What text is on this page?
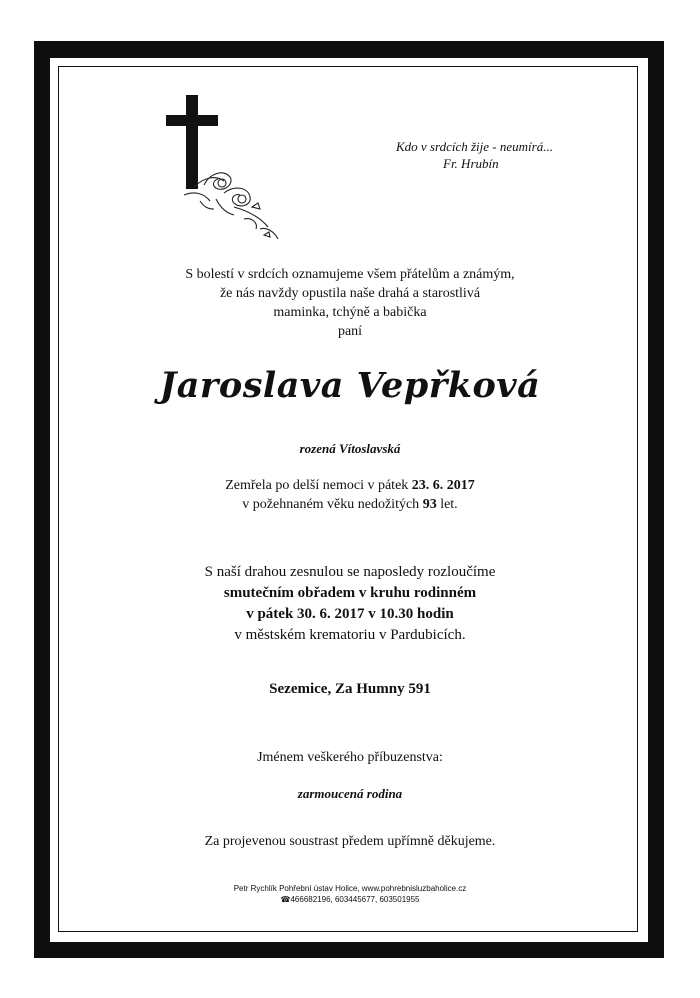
Kdo v srdcích žije - neumírá...
Fr. Hrubín
S bolestí v srdcích oznamujeme všem přátelům a známým,
že nás navždy opustila naše drahá a starostlivá
maminka, tchýně a babička
paní
Jaroslava Vepřková
rozená Vítoslavská
Zemřela po delší nemoci v pátek 23. 6. 2017
v požehnaném věku nedožitých 93 let.
S naší drahou zesnulou se naposledy rozloučíme
smutečním obřadem v kruhu rodinném
v pátek 30. 6. 2017 v 10.30 hodin
v městském krematoriu v Pardubicích.
Sezemice, Za Humny 591
Jménem veškerého příbuzenstva:
zarmoucená rodina
Za projevenou soustrast předem upřímně děkujeme.
Petr Rychlík Pohřební ústav Holice, www.pohrebnisluzbaholice.cz
☎466682196, 603445677, 603501955
